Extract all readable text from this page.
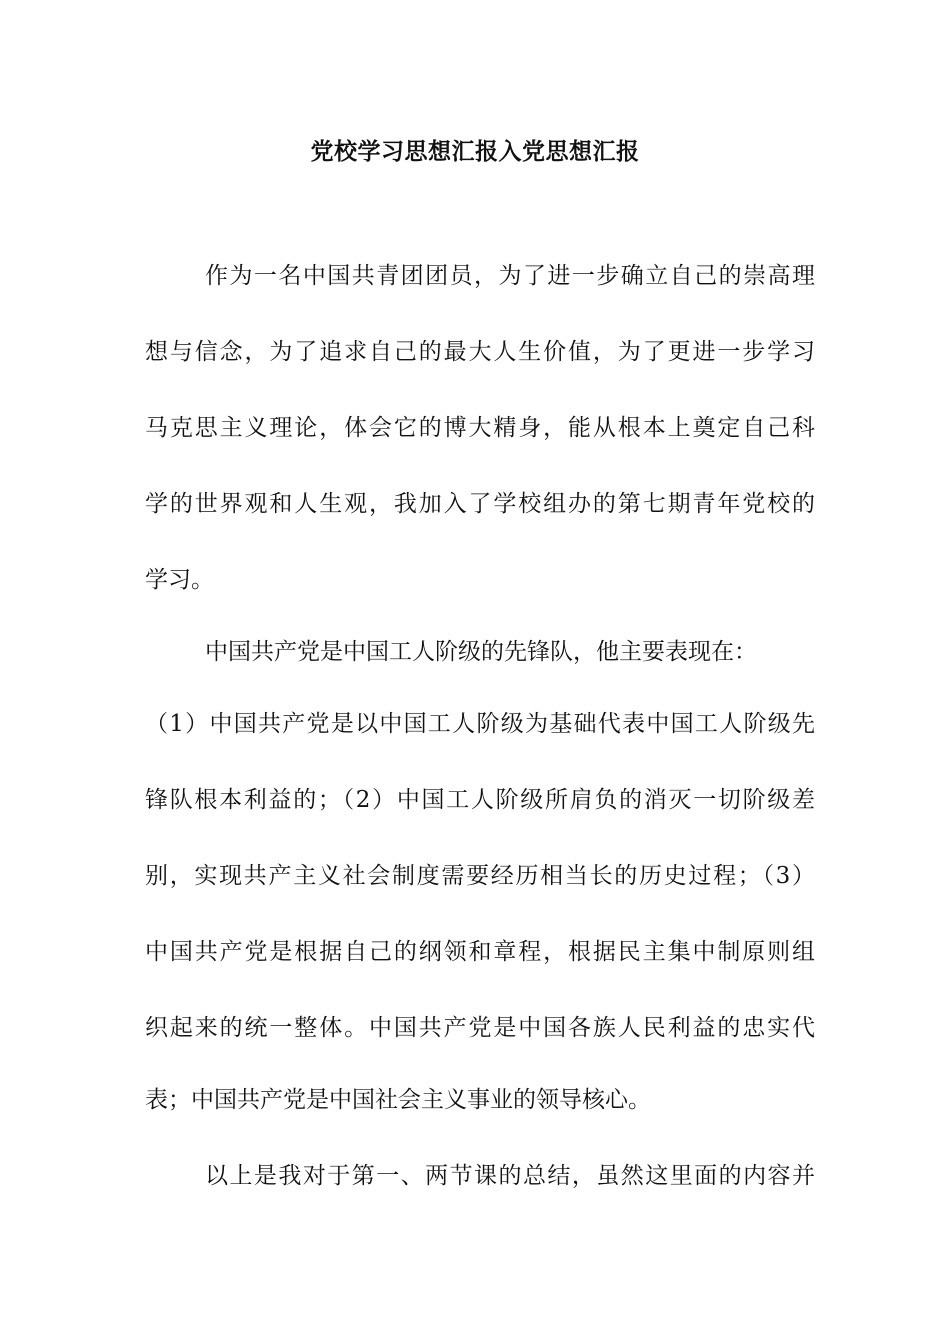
党校学习思想汇报入党思想汇报

作为一名中国共青团团员，为了进一步确立自己的崇高理

想与信念，为了追求自己的最大人生价值，为了更进一步学习

马克思主义理论，体会它的博大精身，能从根本上奠定自己科

学的世界观和人生观，我加入了学校组办的第七期青年党校的

学习。

中国共产党是中国工人阶级的先锋队，他主要表现在：

（1）中国共产党是以中国工人阶级为基础代表中国工人阶级先

锋队根本利益的；（2）中国工人阶级所肩负的消灭一切阶级差

别，实现共产主义社会制度需要经历相当长的历史过程；（3）

中国共产党是根据自己的纲领和章程，根据民主集中制原则组

织起来的统一整体。中国共产党是中国各族人民利益的忠实代

表；中国共产党是中国社会主义事业的领导核心。

以上是我对于第一、两节课的总结，虽然这里面的内容并
